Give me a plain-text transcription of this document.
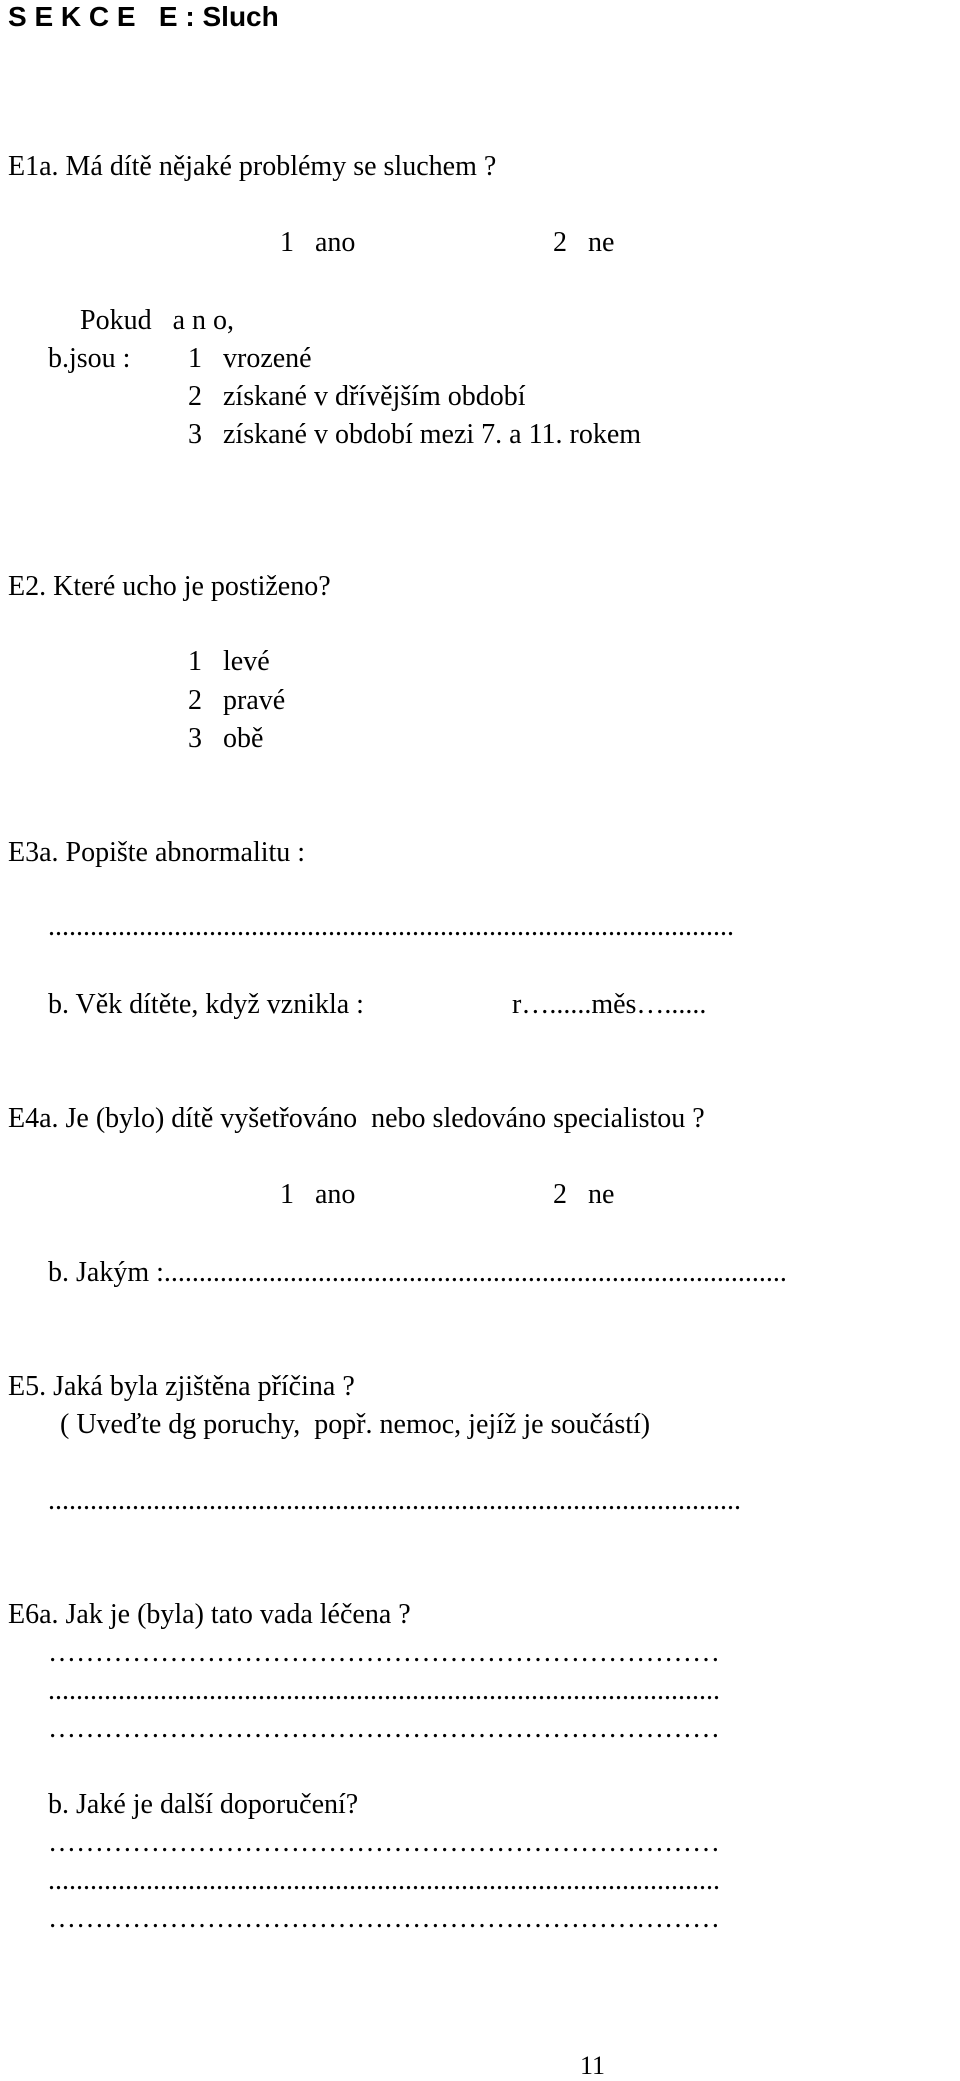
S E K C E   E : Sluch
E1a. Má dítě nějaké problémy se sluchem ?
1   ano	2   ne
Pokud   a n o,
b.jsou : 1   vrozené
2   získané v dřívějším období
3   získané v období mezi 7. a 11. rokem
E2. Které ucho je postiženo?
1   levé
2   pravé
3   obě
E3a. Popište abnormalitu :
..................................................................................................
b. Věk dítěte, když vznikla :	r…......měs…......
E4a. Je (bylo) dítě vyšetřováno  nebo sledováno specialistou ?
1   ano	2   ne
b. Jakým :.........................................................................................
E5. Jaká byla zjištěna příčina ?
( Uveďte dg poruchy,  popř. nemoc, jejíž je součástí)
...................................................................................................
E6a. Jak je (byla) tato vada léčena ?
………………………………………………………………
................................................................................................
………………………………………………………………
b. Jaké je další doporučení?
………………………………………………………………
................................................................................................
………………………………………………………………
11
